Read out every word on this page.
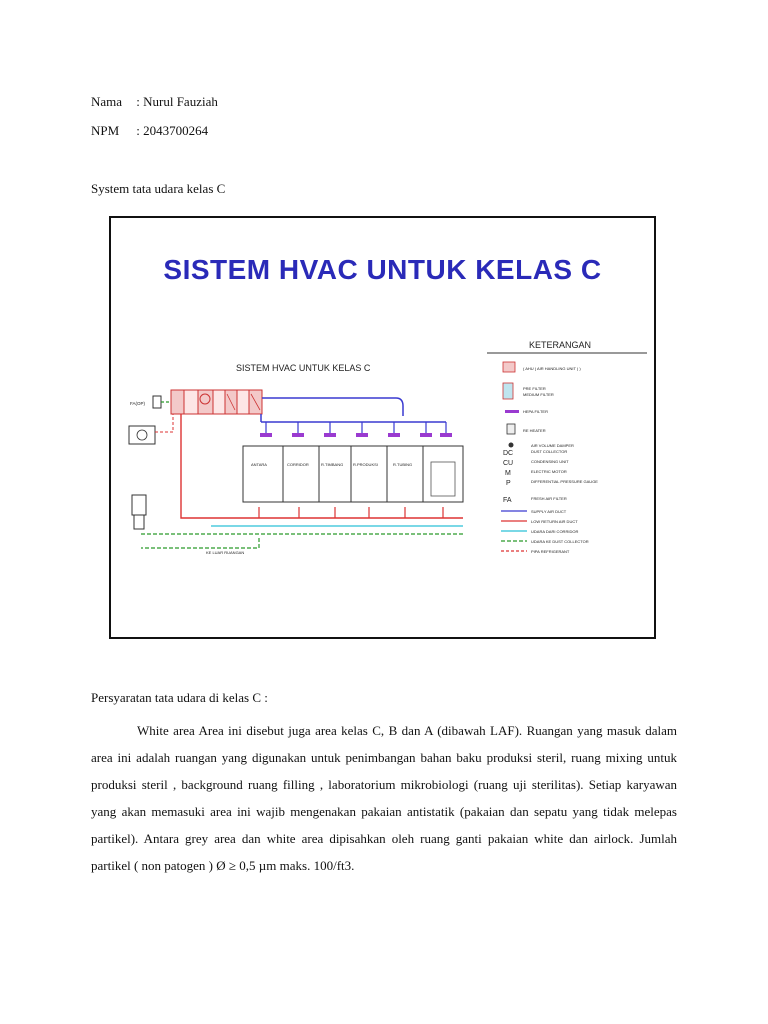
Nama : Nurul Fauziah
NPM : 2043700264
System tata udara kelas C
SISTEM HVAC UNTUK KELAS C
SISTEM HVAC UNTUK KELAS C
FA(OP)
ANTARA	CORRIDOR	R.TIMBANG R.PRODUKSI	R.TUBING
KE LUAR RUANGAN
KETERANGAN
( AHU ( AIR HANDLING UNIT ) )
PRE FILTER
MEDIUM FILTER
HEPA FILTER
RE HEATER
AIR VOLUME DAMPER
DC	DUST COLLECTOR
CU	CONDENSING UNIT
M	ELECTRIC MOTOR
P	DIFFERENTIAL PRESSURE GAUGE
FA	FRESH AIR FILTER
SUPPLY AIR DUCT
LOW RETURN AIR DUCT
UDARA DARI CORRIDOR
UDARA KE DUST COLLECTOR
PIPA REFRIGERANT
Persyaratan tata udara di kelas C :
White area Area ini disebut juga area kelas C, B dan A (dibawah LAF). Ruangan yang masuk dalam area ini adalah ruangan yang digunakan untuk penimbangan bahan baku produksi steril, ruang mixing untuk produksi steril , background ruang filling , laboratorium mikrobiologi (ruang uji sterilitas). Setiap karyawan yang akan memasuki area ini wajib mengenakan pakaian antistatik (pakaian dan sepatu yang tidak melepas partikel). Antara grey area dan white area dipisahkan oleh ruang ganti pakaian white dan airlock. Jumlah partikel ( non patogen ) Ø ≥ 0,5 µm maks. 100/ft3.
